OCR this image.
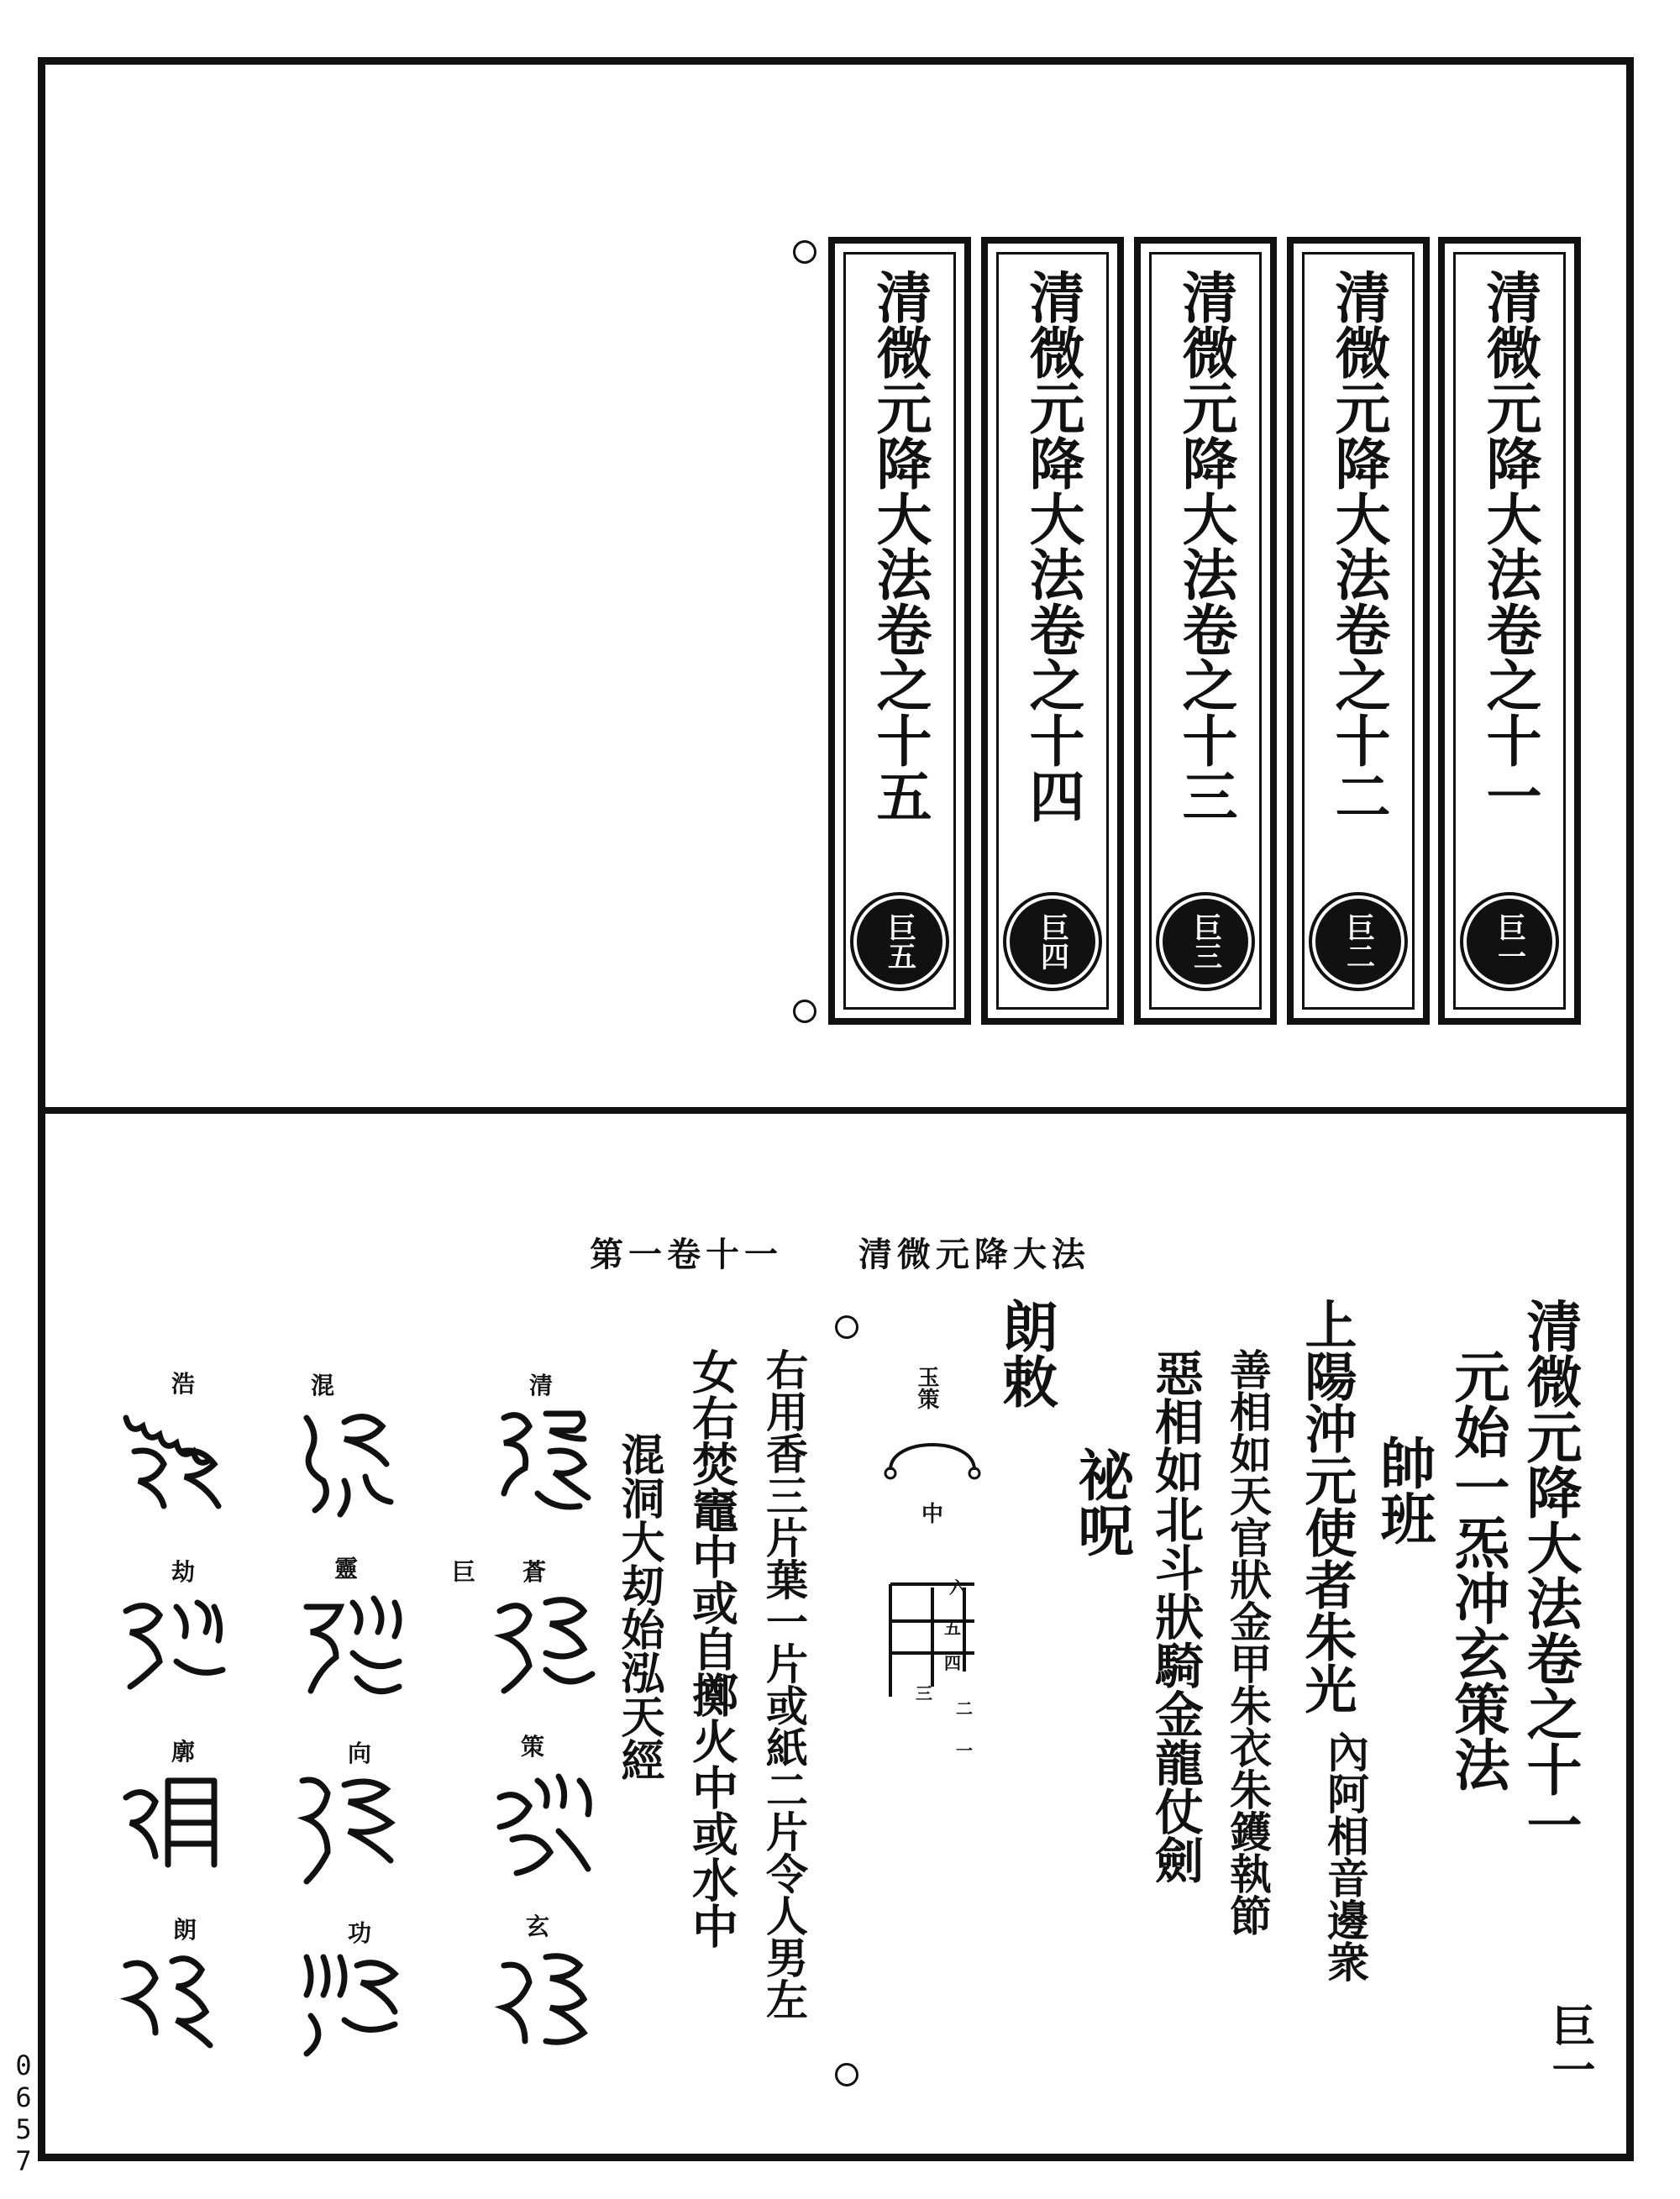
清微元降大法卷之十一
巨一
清微元降大法卷之十二
巨二
清微元降大法卷之十三
巨三
清微元降大法卷之十四
巨四
清微元降大法卷之十五
巨五
第一卷十一 清微元降大法
清微元降大法卷之十一
元始一炁冲玄策法
帥班
上陽沖元使者朱光
內阿相音邊衆
善相如天官狀金甲朱衣朱鑊執節
惡相如北斗狀騎金龍仗劍
祕呪
朗敕
右用香三片葉一片或紙二片令人男左
女右焚竈中或自擲火中或水中
混洞大刧始泓天經
巨一
玉策
中
六
五
四
三
二
一
清
蒼
策
玄
混
靈
向
功
浩
劫
廓
朗
巨
0657
